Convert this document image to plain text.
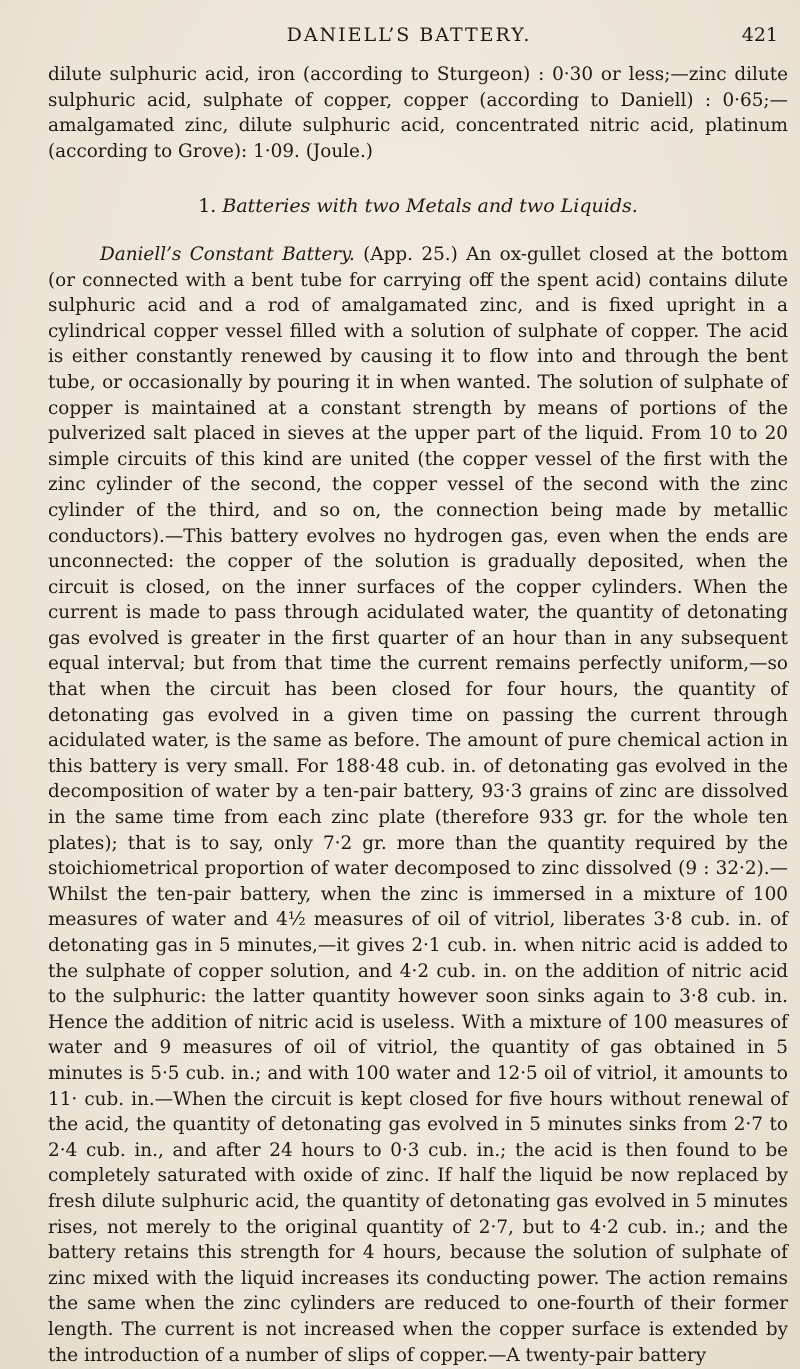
DANIELL’S BATTERY.	421

dilute sulphuric acid, iron (according to Sturgeon) : 0·30 or less;—zinc dilute sulphuric acid, sulphate of copper, copper (according to Daniell) : 0·65;—amalgamated zinc, dilute sulphuric acid, concentrated nitric acid, platinum (according to Grove): 1·09. (Joule.)

1. Batteries with two Metals and two Liquids.

Daniell’s Constant Battery. (App. 25.) An ox-gullet closed at the bottom (or connected with a bent tube for carrying off the spent acid) contains dilute sulphuric acid and a rod of amalgamated zinc, and is fixed upright in a cylindrical copper vessel filled with a solution of sulphate of copper. The acid is either constantly renewed by causing it to flow into and through the bent tube, or occasionally by pouring it in when wanted. The solution of sulphate of copper is maintained at a constant strength by means of portions of the pulverized salt placed in sieves at the upper part of the liquid. From 10 to 20 simple circuits of this kind are united (the copper vessel of the first with the zinc cylinder of the second, the copper vessel of the second with the zinc cylinder of the third, and so on, the connection being made by metallic conductors).—This battery evolves no hydrogen gas, even when the ends are unconnected: the copper of the solution is gradually deposited, when the circuit is closed, on the inner surfaces of the copper cylinders. When the current is made to pass through acidulated water, the quantity of detonating gas evolved is greater in the first quarter of an hour than in any subsequent equal interval; but from that time the current remains perfectly uniform,—so that when the circuit has been closed for four hours, the quantity of detonating gas evolved in a given time on passing the current through acidulated water, is the same as before. The amount of pure chemical action in this battery is very small. For 188·48 cub. in. of detonating gas evolved in the decomposition of water by a ten-pair battery, 93·3 grains of zinc are dissolved in the same time from each zinc plate (therefore 933 gr. for the whole ten plates); that is to say, only 7·2 gr. more than the quantity required by the stoichiometrical proportion of water decomposed to zinc dissolved (9 : 32·2).—Whilst the ten-pair battery, when the zinc is immersed in a mixture of 100 measures of water and 4½ measures of oil of vitriol, liberates 3·8 cub. in. of detonating gas in 5 minutes,—it gives 2·1 cub. in. when nitric acid is added to the sulphate of copper solution, and 4·2 cub. in. on the addition of nitric acid to the sulphuric: the latter quantity however soon sinks again to 3·8 cub. in. Hence the addition of nitric acid is useless. With a mixture of 100 measures of water and 9 measures of oil of vitriol, the quantity of gas obtained in 5 minutes is 5·5 cub. in.; and with 100 water and 12·5 oil of vitriol, it amounts to 11· cub. in.—When the circuit is kept closed for five hours without renewal of the acid, the quantity of detonating gas evolved in 5 minutes sinks from 2·7 to 2·4 cub. in., and after 24 hours to 0·3 cub. in.; the acid is then found to be completely saturated with oxide of zinc. If half the liquid be now replaced by fresh dilute sulphuric acid, the quantity of detonating gas evolved in 5 minutes rises, not merely to the original quantity of 2·7, but to 4·2 cub. in.; and the battery retains this strength for 4 hours, because the solution of sulphate of zinc mixed with the liquid increases its conducting power. The action remains the same when the zinc cylinders are reduced to one-fourth of their former length. The current is not increased when the copper surface is extended by the introduction of a number of slips of copper.—A twenty-pair battery
